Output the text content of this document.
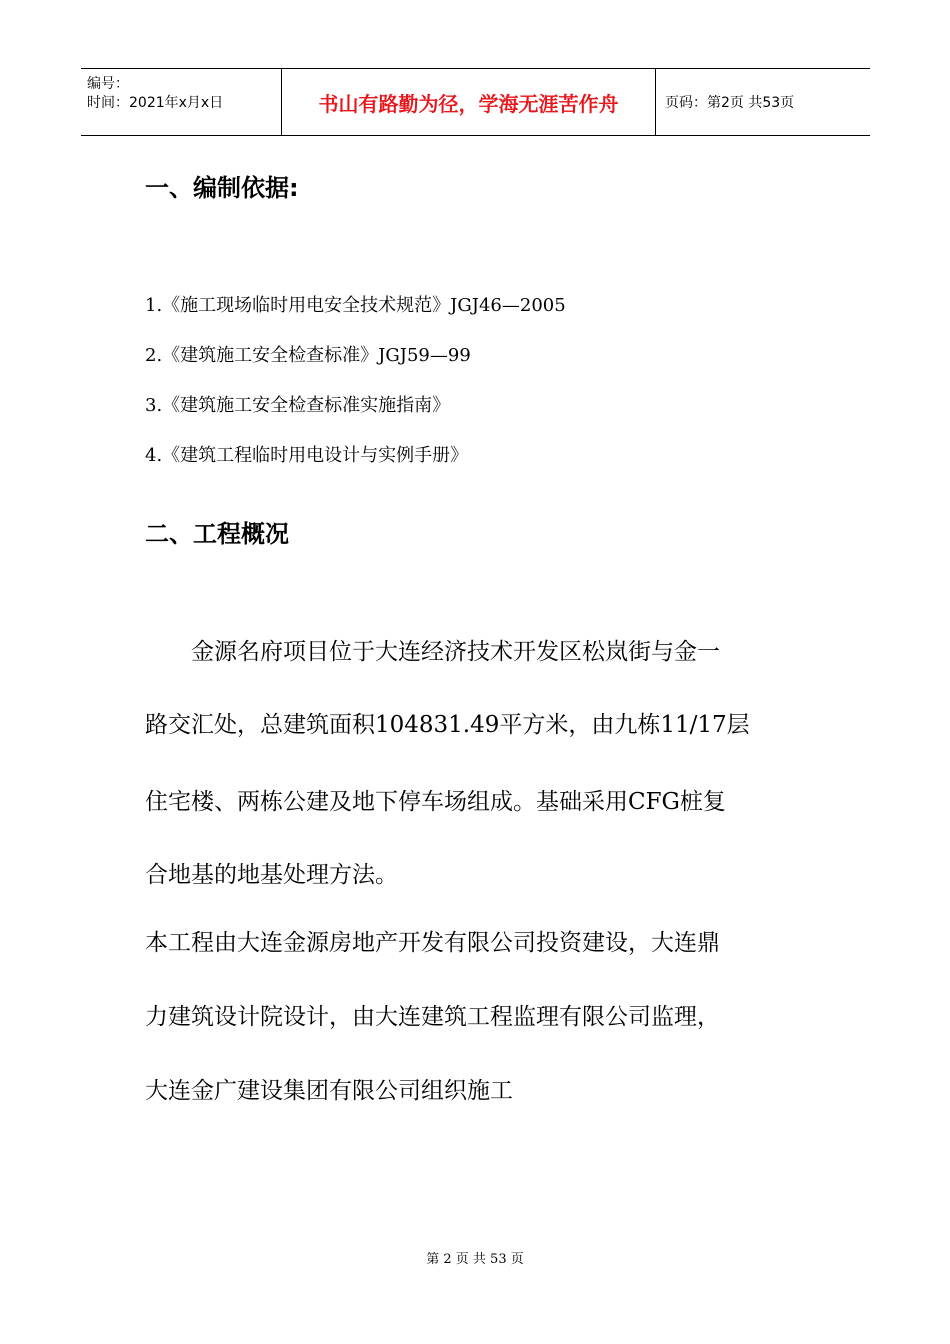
编号：
时间：2021年x月x日	书山有路勤为径，学海无涯苦作舟	页码：第2页 共53页
一、编制依据:
1.《施工现场临时用电安全技术规范》JGJ46—2005
2.《建筑施工安全检查标准》JGJ59—99
3.《建筑施工安全检查标准实施指南》
4.《建筑工程临时用电设计与实例手册》
二、工程概况
　　金源名府项目位于大连经济技术开发区松岚街与金一
路交汇处，总建筑面积104831.49平方米，由九栋11/17层
住宅楼、两栋公建及地下停车场组成。基础采用CFG桩复
合地基的地基处理方法。
本工程由大连金源房地产开发有限公司投资建设，大连鼎
力建筑设计院设计，由大连建筑工程监理有限公司监理，
大连金广建设集团有限公司组织施工
第 2 页 共 53 页
